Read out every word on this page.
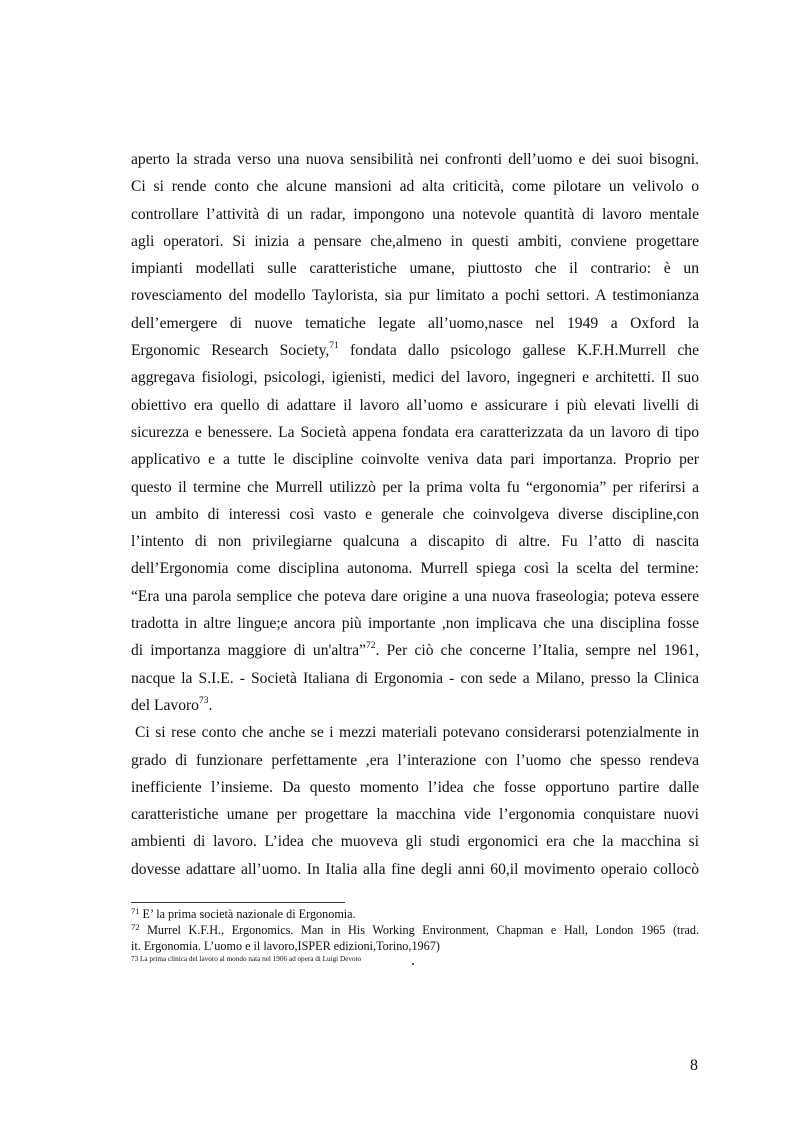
aperto la strada verso una nuova sensibilità nei confronti dell’uomo e dei suoi bisogni.
Ci si rende conto che alcune mansioni ad alta criticità, come pilotare un velivolo o
controllare l’attività di un radar, impongono una notevole quantità di lavoro mentale
agli operatori. Si inizia a pensare che,almeno in questi ambiti, conviene progettare
impianti modellati sulle caratteristiche umane, piuttosto che il contrario: è un
rovesciamento del modello Taylorista, sia pur limitato a pochi settori. A testimonianza
dell’emergere di nuove tematiche legate all’uomo,nasce nel 1949 a Oxford la
Ergonomic Research Society,$^{71}$ fondata dallo psicologo gallese K.F.H.Murrell che
aggregava fisiologi, psicologi, igienisti, medici del lavoro, ingegneri e architetti. Il suo
obiettivo era quello di adattare il lavoro all’uomo e assicurare i più elevati livelli di
sicurezza e benessere. La Società appena fondata era caratterizzata da un lavoro di tipo
applicativo e a tutte le discipline coinvolte veniva data pari importanza. Proprio per
questo il termine che Murrell utilizzò per la prima volta fu “ergonomia” per riferirsi a
un ambito di interessi così vasto e generale che coinvolgeva diverse discipline,con
l’intento di non privilegiarne qualcuna a discapito di altre. Fu l’atto di nascita
dell’Ergonomia come disciplina autonoma. Murrell spiega così la scelta del termine:
“Era una parola semplice che poteva dare origine a una nuova fraseologia; poteva essere
tradotta in altre lingue;e ancora più importante ,non implicava che una disciplina fosse
di importanza maggiore di un'altra”$^{72}$. Per ciò che concerne l’Italia, sempre nel 1961,
nacque la S.I.E. - Società Italiana di Ergonomia - con sede a Milano, presso la Clinica
del Lavoro$^{73}$.
Ci si rese conto che anche se i mezzi materiali potevano considerarsi potenzialmente in
grado di funzionare perfettamente ,era l’interazione con l’uomo che spesso rendeva
inefficiente l’insieme. Da questo momento l’idea che fosse opportuno partire dalle
caratteristiche umane per progettare la macchina vide l’ergonomia conquistare nuovi
ambienti di lavoro. L’idea che muoveva gli studi ergonomici era che la macchina si
dovesse adattare all’uomo. In Italia alla fine degli anni 60,il movimento operaio collocò
$^{71}$ E’ la prima società nazionale di Ergonomia.
$^{72}$ Murrel K.F.H., Ergonomics. Man in His Working Environment, Chapman e Hall, London 1965 (trad.
it. Ergonomia. L’uomo e il lavoro,ISPER edizioni,Torino,1967)
73 La prima clinica del lavoro al mondo nata nel 1906 ad opera di Luigi Devoto
8
